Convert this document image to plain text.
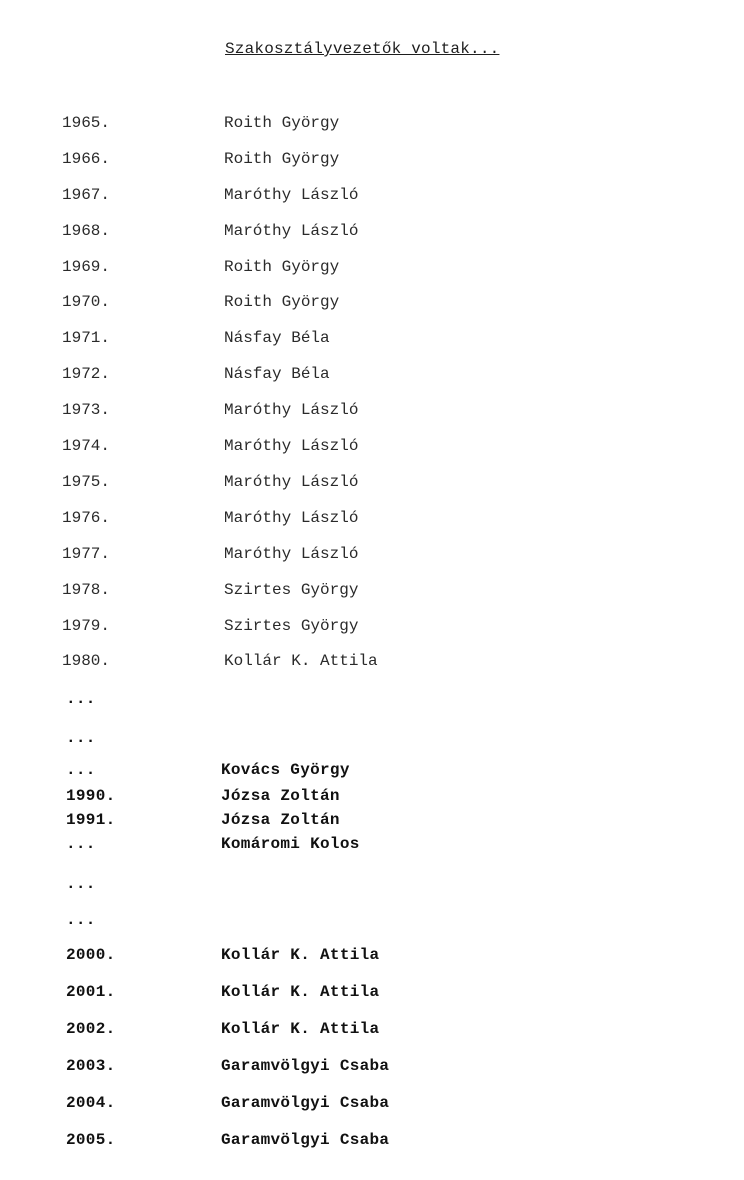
Szakosztályvezetők voltak...
1965.	Roith György
1966.	Roith György
1967.	Maróthy László
1968.	Maróthy László
1969.	Roith György
1970.	Roith György
1971.	Násfay Béla
1972.	Násfay Béla
1973.	Maróthy László
1974.	Maróthy László
1975.	Maróthy László
1976.	Maróthy László
1977.	Maróthy László
1978.	Szirtes György
1979.	Szirtes György
1980.	Kollár K. Attila
...
...
...	Kovács György
1990.	Józsa Zoltán
1991.	Józsa Zoltán
...	Komáromi Kolos
...
...
2000.	Kollár K. Attila
2001.	Kollár K. Attila
2002.	Kollár K. Attila
2003.	Garamvölgyi Csaba
2004.	Garamvölgyi Csaba
2005.	Garamvölgyi Csaba
